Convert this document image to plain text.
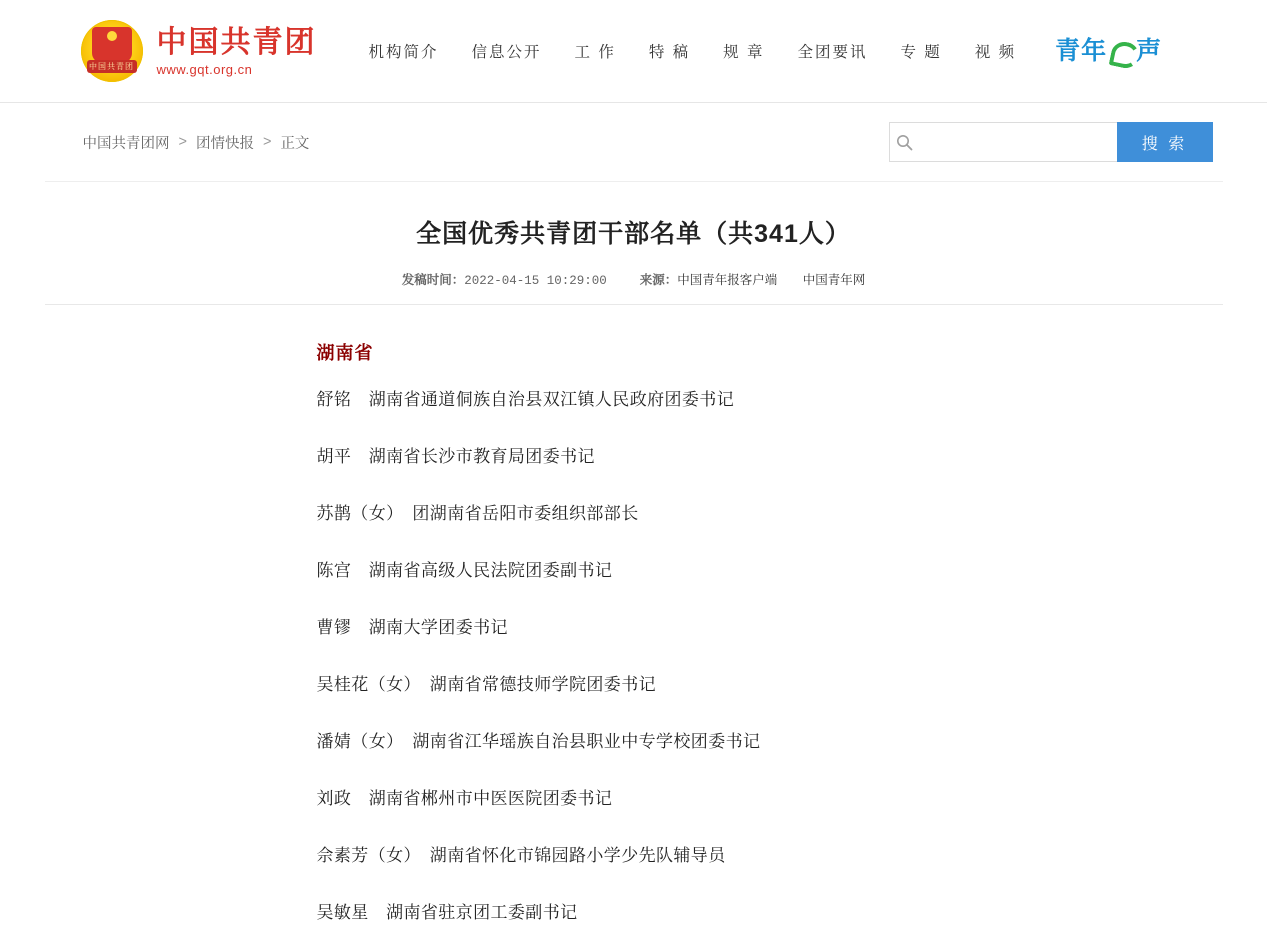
中国共青团
中国共青团
www.gqt.org.cn
机构简介 信息公开 工 作 特 稿 规 章 全团要讯 专 题 视 频 青年 声
中国共青团网 > 团情快报 > 正文	搜 索
全国优秀共青团干部名单（共341人）
发稿时间：2022-04-15 10:29:00	来源：中国青年报客户端 中国青年网
湖南省
舒铭　湖南省通道侗族自治县双江镇人民政府团委书记
胡平　湖南省长沙市教育局团委书记
苏鹊（女）　团湖南省岳阳市委组织部部长
陈宫　湖南省高级人民法院团委副书记
曹镠　湖南大学团委书记
吴桂花（女）　湖南省常德技师学院团委书记
潘婧（女）　湖南省江华瑶族自治县职业中专学校团委书记
刘政　湖南省郴州市中医医院团委书记
佘素芳（女）　湖南省怀化市锦园路小学少先队辅导员
吴敏星　湖南省驻京团工委副书记
